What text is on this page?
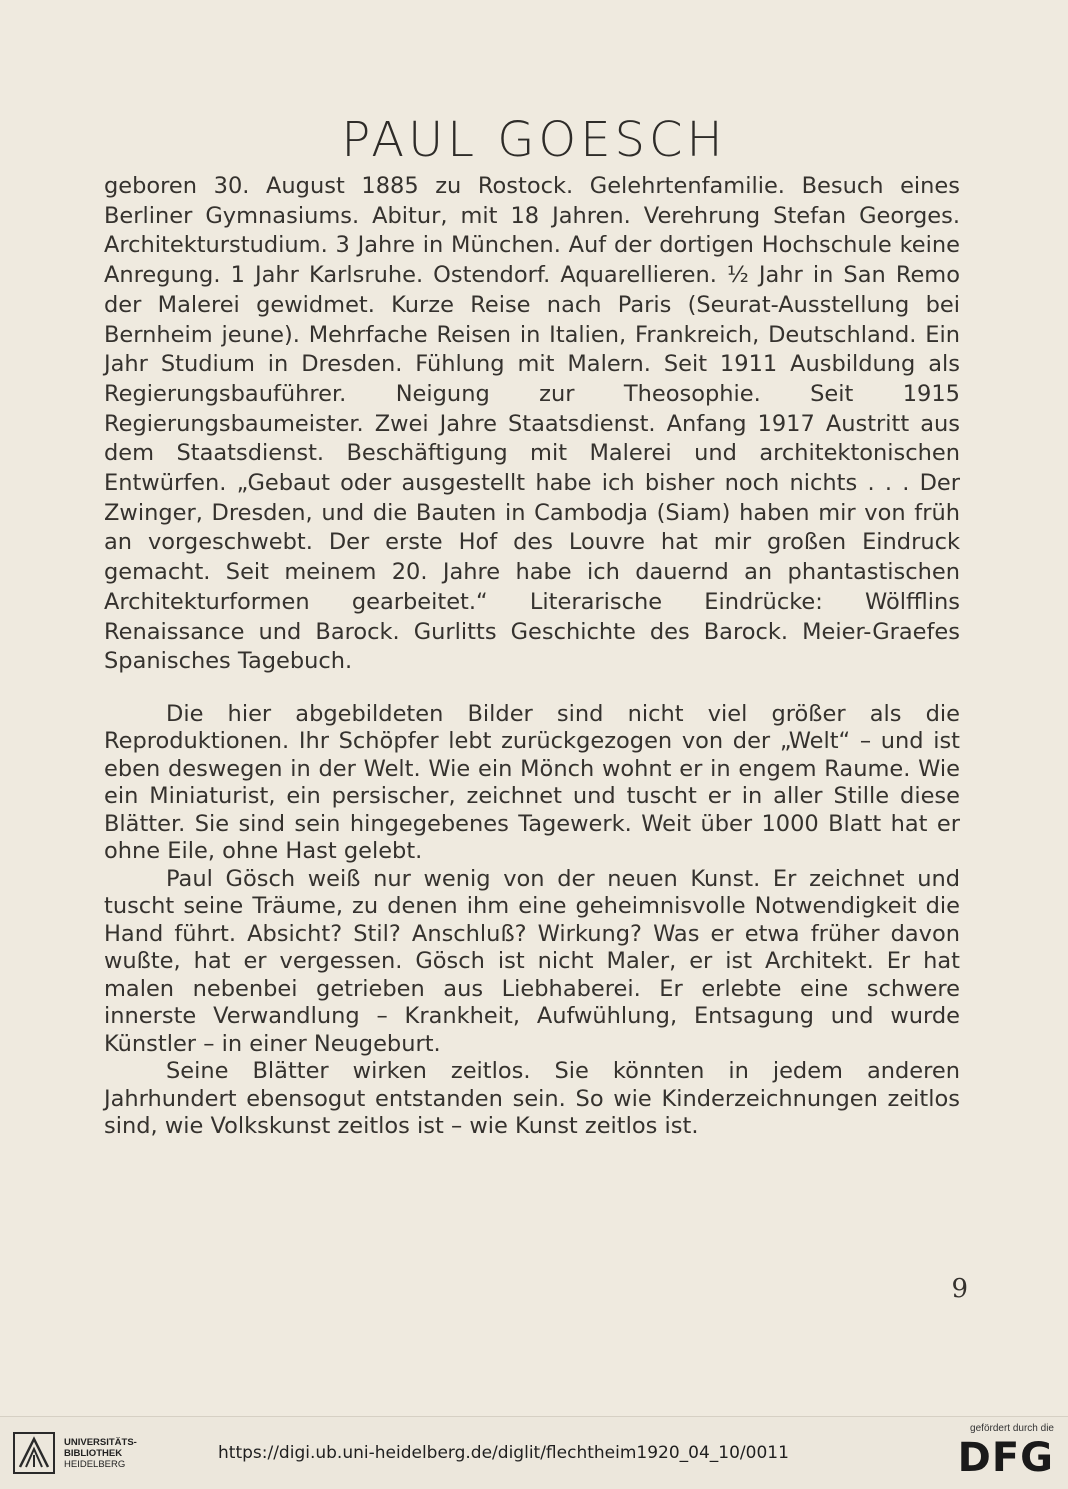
PAUL GOESCH

geboren 30. August 1885 zu Rostock. Gelehrtenfamilie. Besuch eines Berliner Gymnasiums. Abitur, mit 18 Jahren. Verehrung Stefan Georges. Architekturstudium. 3 Jahre in München. Auf der dortigen Hochschule keine Anregung. 1 Jahr Karlsruhe. Ostendorf. Aquarellieren. ½ Jahr in San Remo der Malerei gewidmet. Kurze Reise nach Paris (Seurat-Ausstellung bei Bernheim jeune). Mehrfache Reisen in Italien, Frankreich, Deutschland. Ein Jahr Studium in Dresden. Fühlung mit Malern. Seit 1911 Ausbildung als Regierungsbauführer. Neigung zur Theosophie. Seit 1915 Regierungsbaumeister. Zwei Jahre Staatsdienst. Anfang 1917 Austritt aus dem Staatsdienst. Beschäftigung mit Malerei und architektonischen Entwürfen. „Gebaut oder ausgestellt habe ich bisher noch nichts . . . Der Zwinger, Dresden, und die Bauten in Cambodja (Siam) haben mir von früh an vorgeschwebt. Der erste Hof des Louvre hat mir großen Eindruck gemacht. Seit meinem 20. Jahre habe ich dauernd an phantastischen Architekturformen gearbeitet.“ Literarische Eindrücke: Wölfflins Renaissance und Barock. Gurlitts Geschichte des Barock. Meier-Graefes Spanisches Tagebuch.

Die hier abgebildeten Bilder sind nicht viel größer als die Reproduktionen. Ihr Schöpfer lebt zurückgezogen von der „Welt“ – und ist eben deswegen in der Welt. Wie ein Mönch wohnt er in engem Raume. Wie ein Miniaturist, ein persischer, zeichnet und tuscht er in aller Stille diese Blätter. Sie sind sein hingegebenes Tagewerk. Weit über 1000 Blatt hat er ohne Eile, ohne Hast gelebt.

Paul Gösch weiß nur wenig von der neuen Kunst. Er zeichnet und tuscht seine Träume, zu denen ihm eine geheimnisvolle Notwendigkeit die Hand führt. Absicht? Stil? Anschluß? Wirkung? Was er etwa früher davon wußte, hat er vergessen. Gösch ist nicht Maler, er ist Architekt. Er hat malen nebenbei getrieben aus Liebhaberei. Er erlebte eine schwere innerste Verwandlung – Krankheit, Aufwühlung, Entsagung und wurde Künstler – in einer Neugeburt.

Seine Blätter wirken zeitlos. Sie könnten in jedem anderen Jahrhundert ebensogut entstanden sein. So wie Kinderzeichnungen zeitlos sind, wie Volkskunst zeitlos ist – wie Kunst zeitlos ist.

9
UNIVERSITÄTS-
BIBLIOTHEK
HEIDELBERG
https://digi.ub.uni-heidelberg.de/diglit/flechtheim1920_04_10/0011
gefördert durch die
DFG
